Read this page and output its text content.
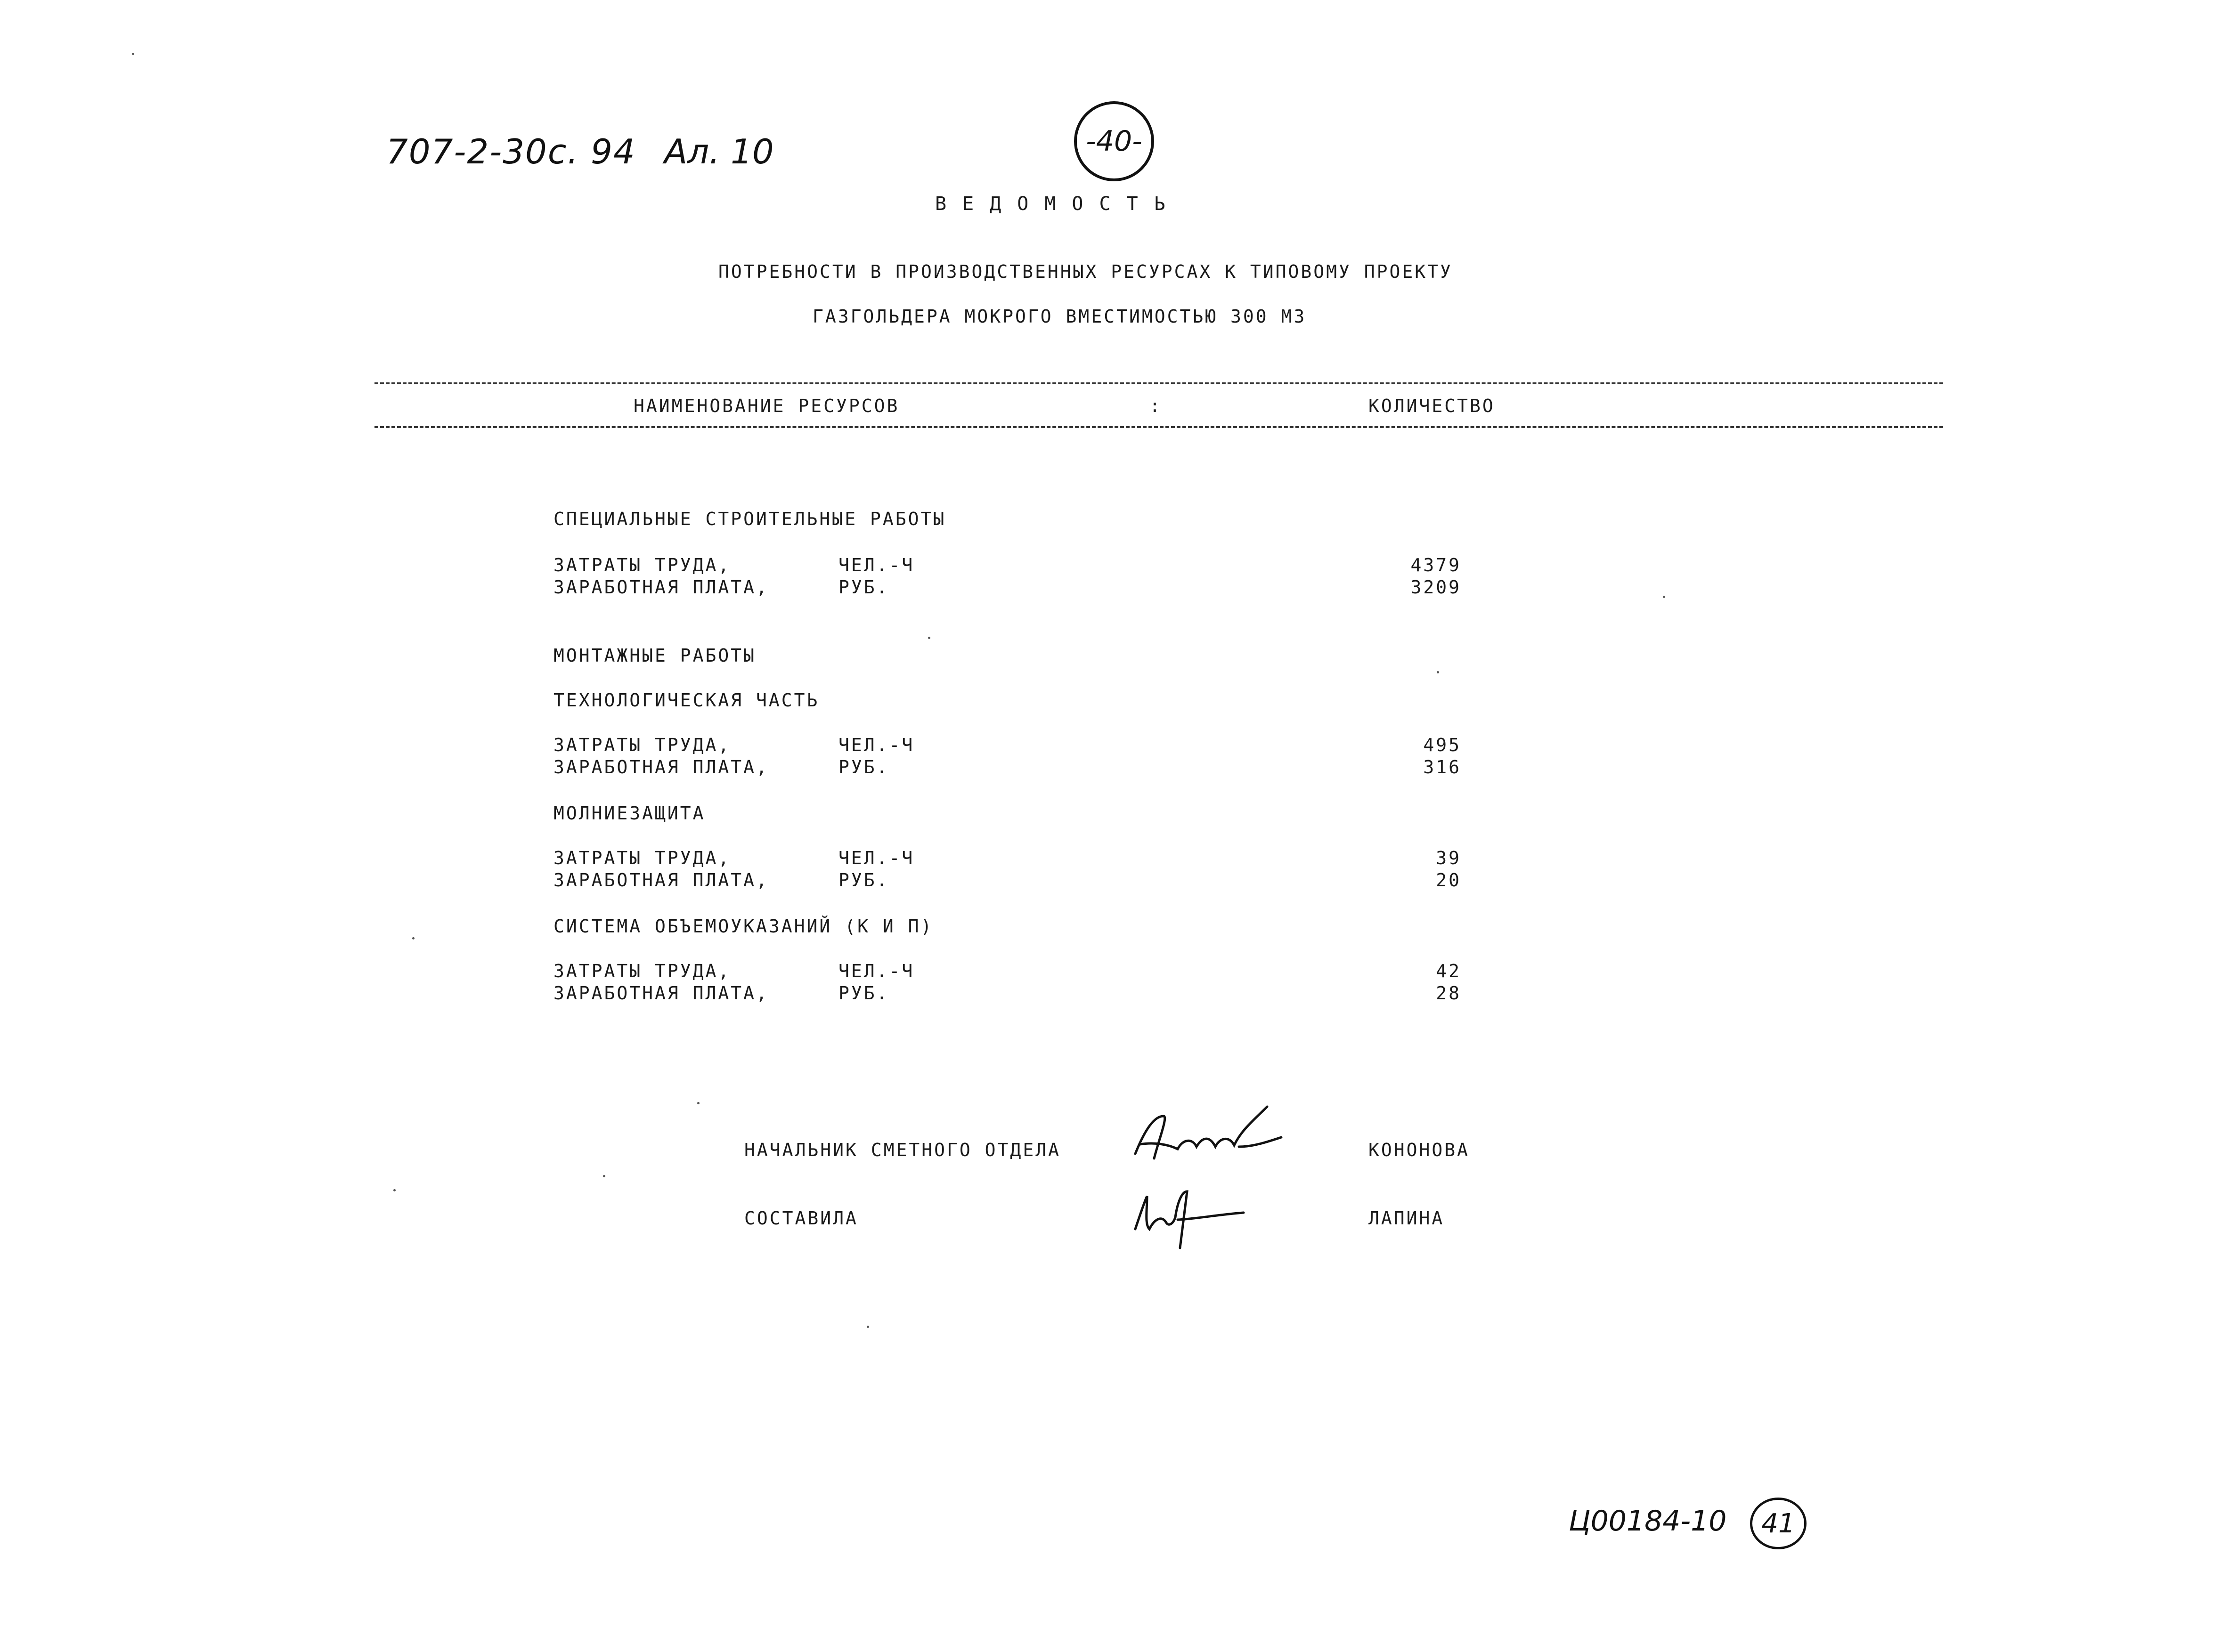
707-2-30с. 94 Ал. 10	-40-
ВЕДОМОСТЬ
ПОТРЕБНОСТИ В ПРОИЗВОДСТВЕННЫХ РЕСУРСАХ К ТИПОВОМУ ПРОЕКТУ
ГАЗГОЛЬДЕРА МОКРОГО ВМЕСТИМОСТЬЮ 300 М3
НАИМЕНОВАНИЕ РЕСУРСОВ	:	КОЛИЧЕСТВО
СПЕЦИАЛЬНЫЕ СТРОИТЕЛЬНЫЕ РАБОТЫ
ЗАТРАТЫ ТРУДА,	ЧЕЛ.-Ч	4379
ЗАРАБОТНАЯ ПЛАТА,	РУБ.	3209
МОНТАЖНЫЕ РАБОТЫ
ТЕХНОЛОГИЧЕСКАЯ ЧАСТЬ
ЗАТРАТЫ ТРУДА,	ЧЕЛ.-Ч	495
ЗАРАБОТНАЯ ПЛАТА,	РУБ.	316
МОЛНИЕЗАЩИТА
ЗАТРАТЫ ТРУДА,	ЧЕЛ.-Ч	39
ЗАРАБОТНАЯ ПЛАТА,	РУБ.	20
СИСТЕМА ОБЪЕМОУКАЗАНИЙ (К И П)
ЗАТРАТЫ ТРУДА,	ЧЕЛ.-Ч	42
ЗАРАБОТНАЯ ПЛАТА,	РУБ.	28
НАЧАЛЬНИК СМЕТНОГО ОТДЕЛА	КОНОНОВА
СОСТАВИЛА	ЛАПИНА
Ц00184-10 41
